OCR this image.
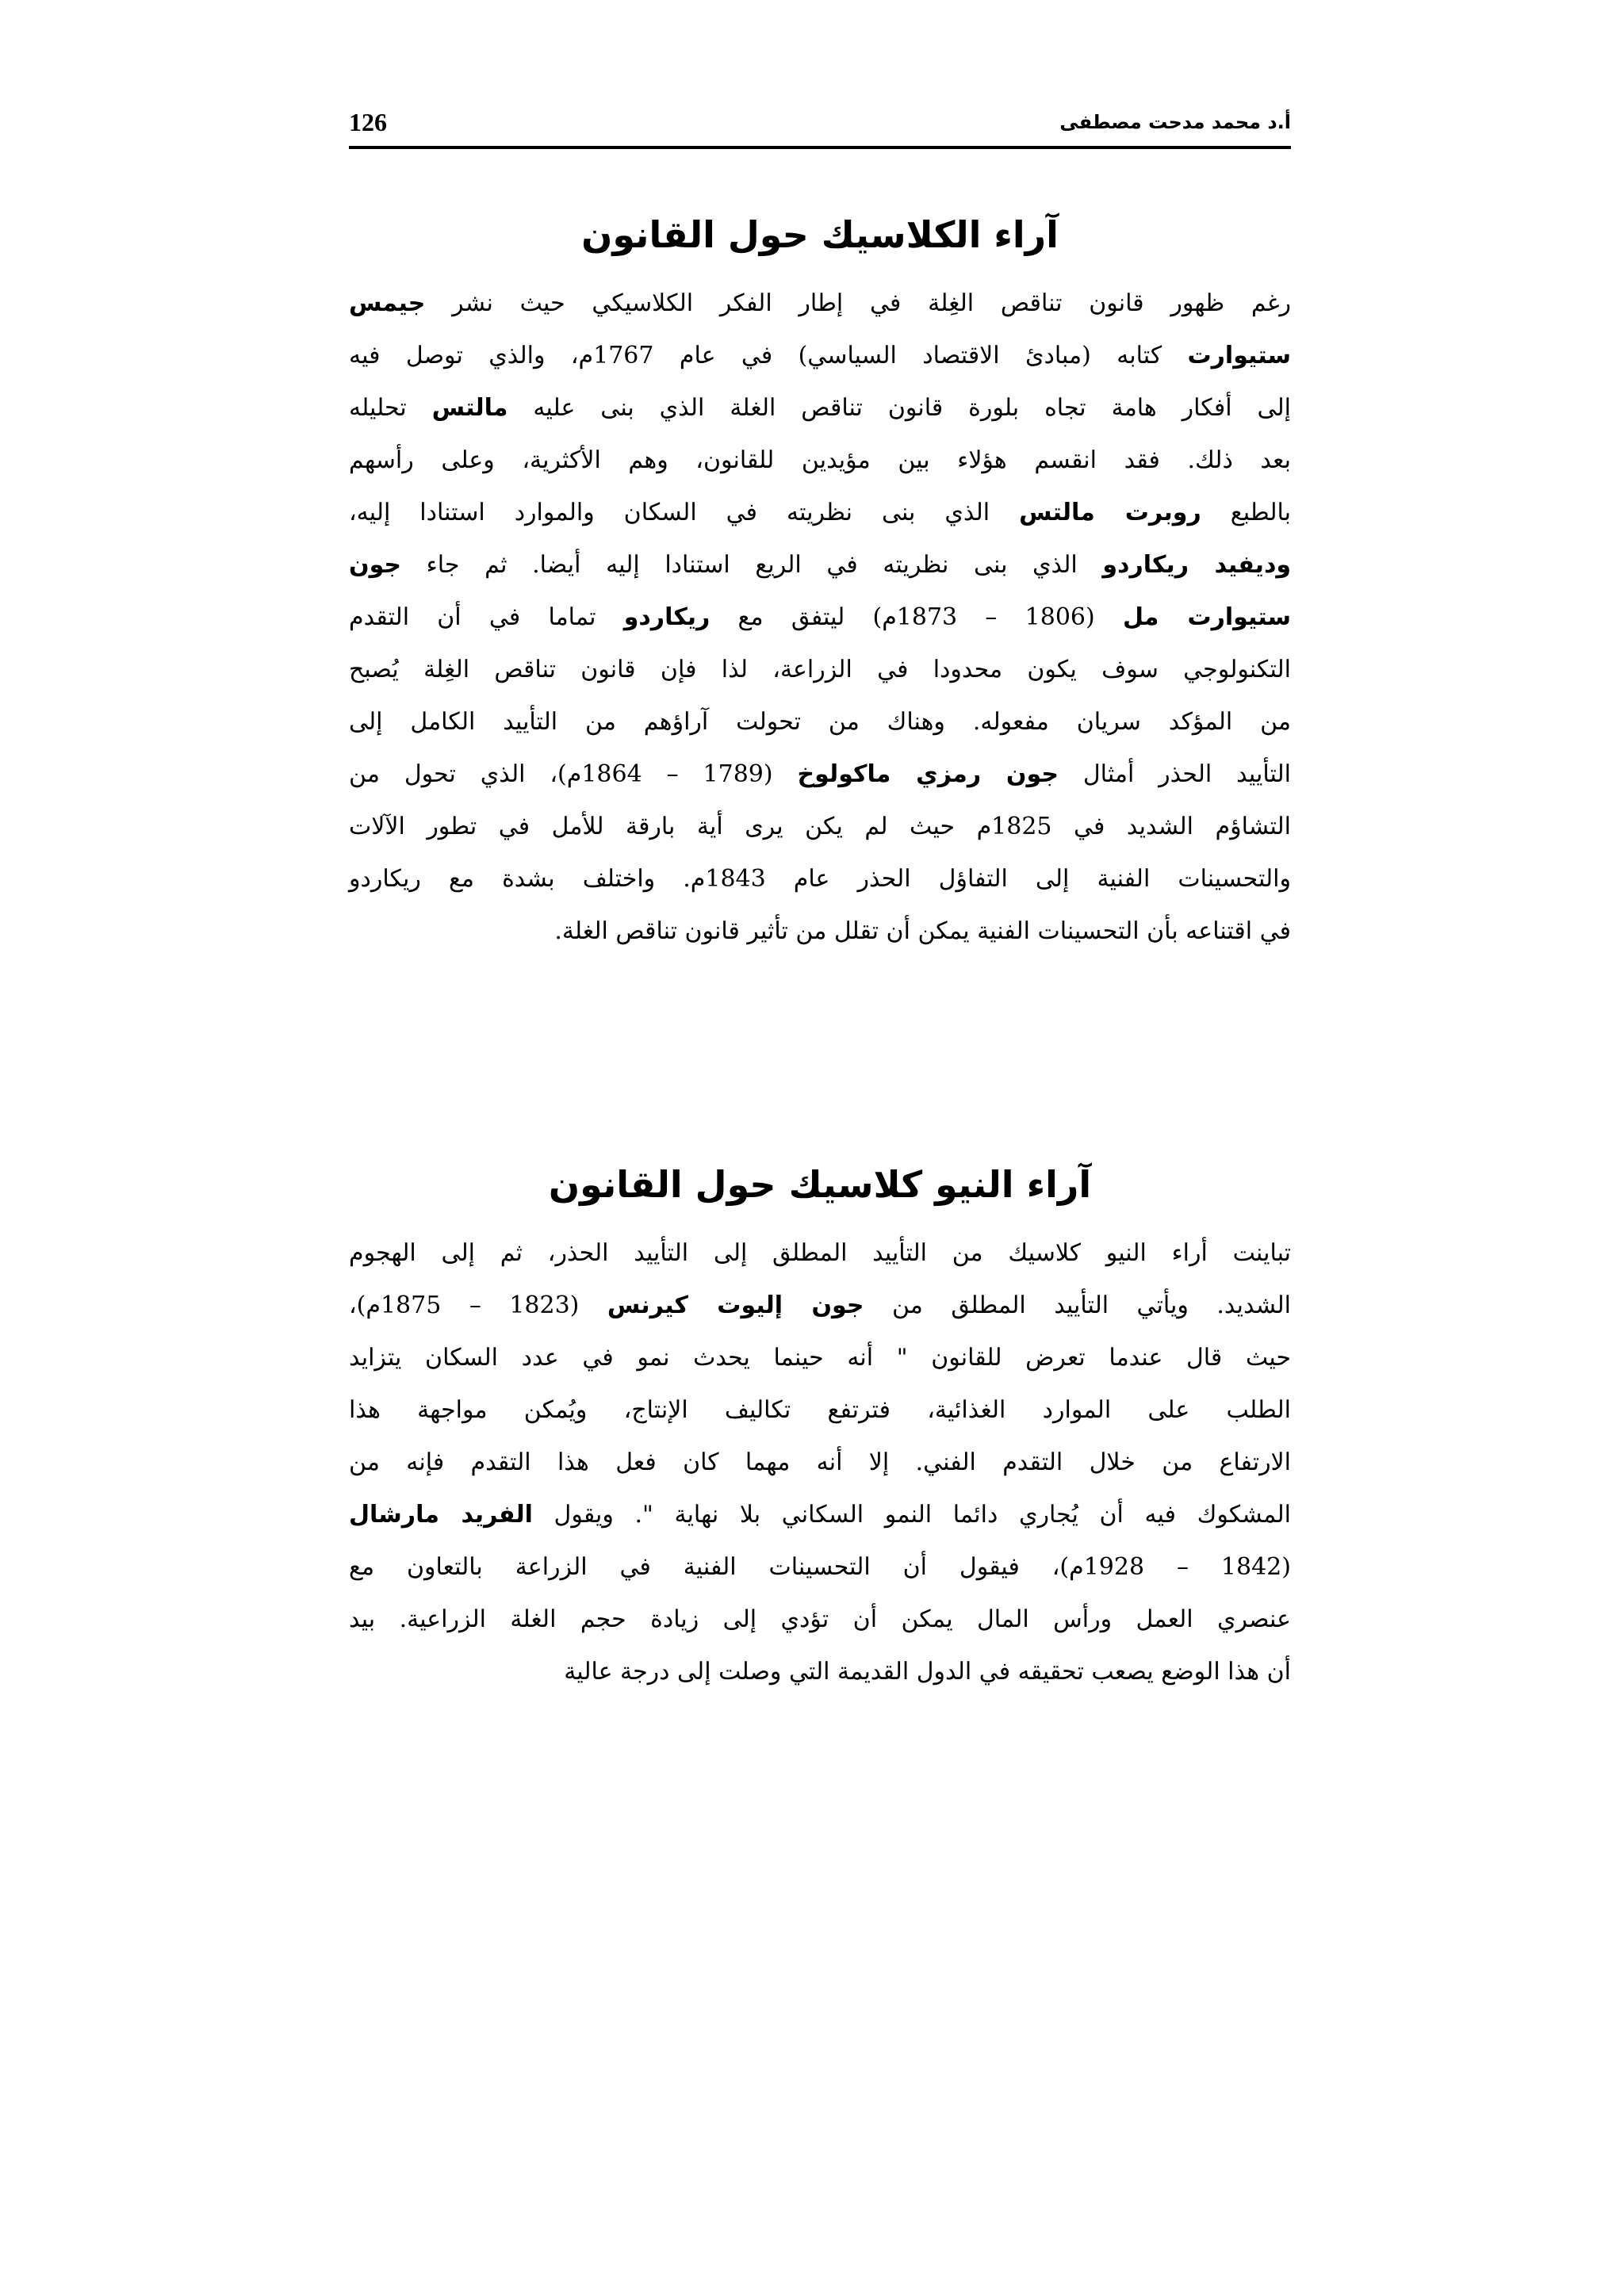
126	أ.د محمد مدحت مصطفى
آراء الكلاسيك حول القانون
رغم ظهور قانون تناقص الغِلة في إطار الفكر الكلاسيكي حيث نشر جيمس
ستيوارت كتابه (مبادئ الاقتصاد السياسي) في عام 1767م، والذي توصل فيه
إلى أفكار هامة تجاه بلورة قانون تناقص الغلة الذي بنى عليه مالتس تحليله
بعد ذلك. فقد انقسم هؤلاء بين مؤيدين للقانون، وهم الأكثرية، وعلى رأسهم
بالطبع روبرت مالتس الذي بنى نظريته في السكان والموارد استنادا إليه،
وديفيد ريكاردو الذي بنى نظريته في الريع استنادا إليه أيضا. ثم جاء جون
ستيوارت مل (1806 – 1873م) ليتفق مع ريكاردو تماما في أن التقدم
التكنولوجي سوف يكون محدودا في الزراعة، لذا فإن قانون تناقص الغِلة يُصبح
من المؤكد سريان مفعوله. وهناك من تحولت آراؤهم من التأييد الكامل إلى
التأييد الحذر أمثال جون رمزي ماكولوخ (1789 – 1864م)، الذي تحول من
التشاؤم الشديد في 1825م حيث لم يكن يرى أية بارقة للأمل في تطور الآلات
والتحسينات الفنية إلى التفاؤل الحذر عام 1843م. واختلف بشدة مع ريكاردو
في اقتناعه بأن التحسينات الفنية يمكن أن تقلل من تأثير قانون تناقص الغلة.
آراء النيو كلاسيك حول القانون
تباينت أراء النيو كلاسيك من التأييد المطلق إلى التأييد الحذر، ثم إلى الهجوم
الشديد. ويأتي التأييد المطلق من جون إليوت كيرنس (1823 – 1875م)،
حيث قال عندما تعرض للقانون " أنه حينما يحدث نمو في عدد السكان يتزايد
الطلب على الموارد الغذائية، فترتفع تكاليف الإنتاج، ويُمكن مواجهة هذا
الارتفاع من خلال التقدم الفني. إلا أنه مهما كان فعل هذا التقدم فإنه من
المشكوك فيه أن يُجاري دائما النمو السكاني بلا نهاية ". ويقول الفريد مارشال
(1842 – 1928م)، فيقول أن التحسينات الفنية في الزراعة بالتعاون مع
عنصري العمل ورأس المال يمكن أن تؤدي إلى زيادة حجم الغلة الزراعية. بيد
أن هذا الوضع يصعب تحقيقه في الدول القديمة التي وصلت إلى درجة عالية
